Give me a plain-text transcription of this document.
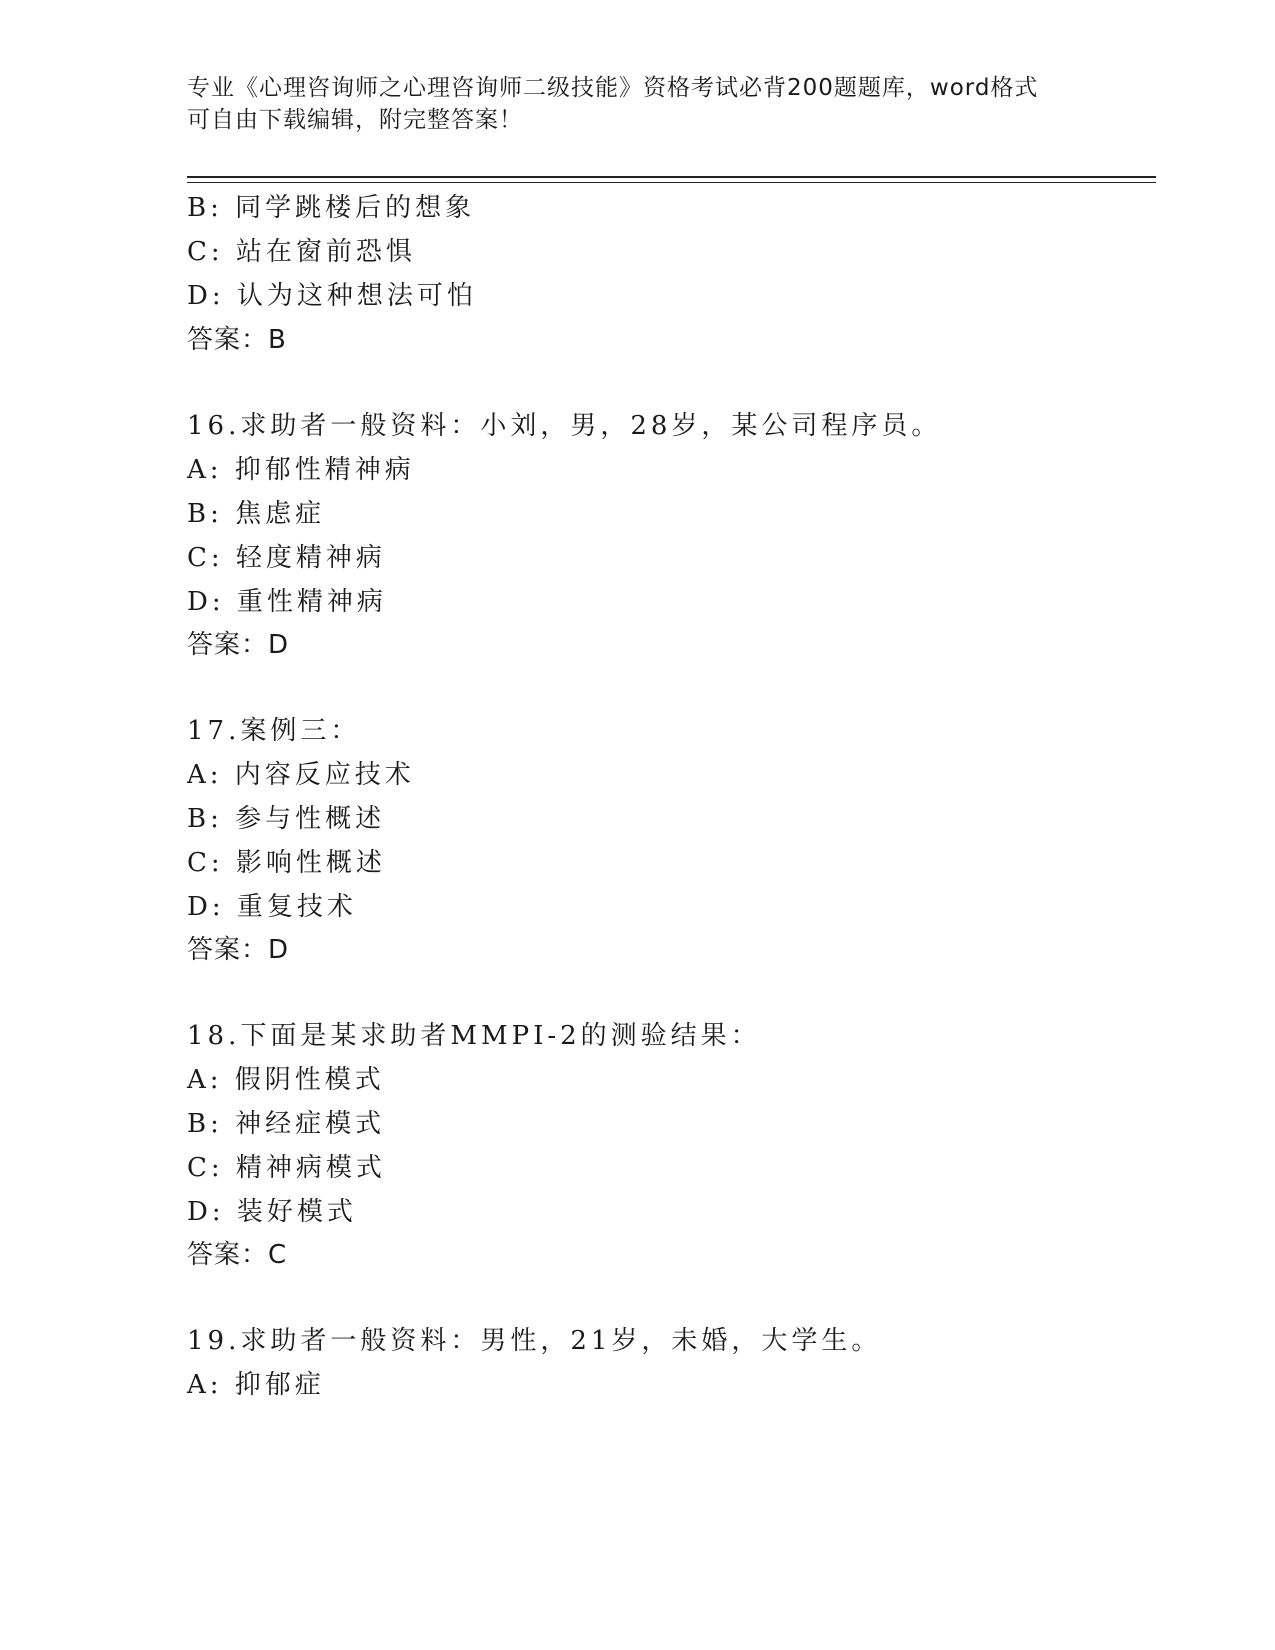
专业《心理咨询师之心理咨询师二级技能》资格考试必背200题题库，word格式
可自由下载编辑，附完整答案！
B: 同学跳楼后的想象
C: 站在窗前恐惧
D: 认为这种想法可怕
答案：B
16.求助者一般资料：小刘，男，28岁，某公司程序员。
A: 抑郁性精神病
B: 焦虑症
C: 轻度精神病
D: 重性精神病
答案：D
17.案例三：
A: 内容反应技术
B: 参与性概述
C: 影响性概述
D: 重复技术
答案：D
18.下面是某求助者MMPI-2的测验结果：
A: 假阴性模式
B: 神经症模式
C: 精神病模式
D: 装好模式
答案：C
19.求助者一般资料：男性，21岁，未婚，大学生。
A: 抑郁症
